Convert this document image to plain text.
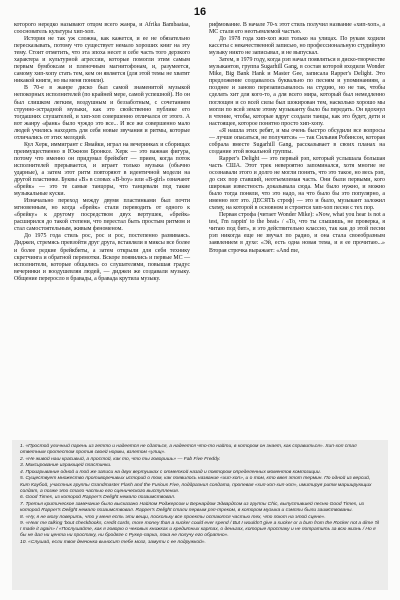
16

которого нередко называют отцом всего жанра, и Afrika Bambaataa, сооснователь культуры хип-хоп.

История не так уж сложна, как кажется, и ее не обязательно пересказывать, потому что существует немало хороших книг на эту тему. Стоит отметить, что эта эпоха несет в себе часть того дерзкого характера и культурной агрессии, которые помогли этим самым первым бумбоксам и пленочным магнитофонам, и, разумеется, самому хип-хопу стать тем, кем он является (для этой темы не хватит никакой книги, но вы меня поняли).

В 70-е в жанре диско был самой знаменитой музыкой непокорных исполнителей (по крайней мере, самой успешной). Но он был слишком легким, воздушным и беззаботным, с сочетанием струнно-эстрадной музыки, как это свойственно публике его тогдашних слушателей, и хип-хоп совершенно отличался от этого. А вот жанру «фанк» было чуждо это все... И все же совершенно мало людей учились находить для себя новые звучания и ритмы, которые отличались от этих мелодий.

Кул Херк, иммигрант с Ямайки, играл на вечеринках и сборищах преимущественно в Южном Бронксе. Херк — это важная фигура, потому что именно он придумал брейкбит — прием, когда поток исполнителей прерывается, и играет только музыка (обычно ударные), а затем этот ритм повторяют в идентичной модели на другой пластинке. Буквы «В» в словах «В-boy» или «В-girl» означают «брейк» — это те самые танцоры, что танцевали под такие музыкальные куски.

Изначально переход между двумя пластинками был почти мгновенным, но когда «брейк» стали переводить от одного к «брейку» к другому посредством двух вертушек, «брейк» расширился до такой степени, что перестал быть простым ритмом и стал самостоятельным, живым феноменом.

До 1975 года стиль рос, рос и рос, постепенно развиваясь. Диджеи, стремясь превзойти друг друга, вставляли в миксы все более и более редкие брейкбиты, а затем открыли для себя технику скретчинга и обратной перемотки. Вскоре появились и первые МС — исполнители, которые общались со слушателями, повышая градус вечеринки и воодушевляя людей, — диджеи же создавали музыку. Общение переросло в бравады, а бравада крутила музыку.

рифмование. В начале 70-х этот стиль получил название «хип-хоп», а МС стали его неотъемлемой частью.

До 1978 года хип-хоп жил только на улицах. По рукам ходили кассеты с некачественной записью, но профессиональную студийную музыку никто не записывал, и не выпускал.

Затем, в 1979 году, когда рэп начал появляться в диско-творчестве музыкантов, группа Sugarhill Gang, в состав которой входили Wonder Mike, Big Bank Hank и Master Gee, записала Rapper's Delight. Это предложение создавалось буквально по песням и упоминаниям, а позднее и заново перезаписывалось на студию, но не так, чтобы сделать хит для кого-то, а для всего мира, который был немедленно поглощен и со всей силы был шокирован тем, насколько хорошо мы могли по всей земле этому музыканту было бы передать. Он вдохнул в чтение, чтобы, которые вдруг создали танцы, как это будет, дети и настоящее, которое понятно просто хип-хопу.

«Я нашла этих ребят, и мы очень быстро обсудили все вопросы — лучше опасаться, не получится» — так Сильвия Робинсон, которая собрала вместе Sugarhill Gang, рассказывает в своих планах на создание этой вокальной группы.

Rapper's Delight — это первый рэп, который услышала большая часть США. Этот трек невероятно запоминался, хотя многие не осознавали этого и долго не могли понять, что это такое, но весь рэп, до сих пор ставший, неотъемлемая часть. Они были первыми, кого широкая известность доказывала сюда. Мы было нужно, и можно было тогда поняли, что это надо, на что было бы это популярно, а именно вот это. ДЕСЯТЬ строф) — это и было, музыкант заложил схему, на которой в основном и строятся хип-хоп песни с тех пор.

Первая строфа (читает Wonder Mike): «Now, what you hear is not a test, I'm rappin' to the beat» / «То, что ты слышишь, не проверка, я читаю под бит», и это действительно классно, так как до этой песни рэп никогда еще не звучал по радио, и она стала своеобразным заявлением в духе: «Эй, есть одна новая тема, и я ее прочитаю...» Вторая строчка выражает: «And me,

1. «Простой уличный парень из гетто и надеется не сдаться, а надеется что-то найти, в котором он знает, как справиться». Хип-хоп стал ответным протестом против своей нормы, взлетом «улиц».

2. «Не живой наш красивый, а простой, как то, что ты говоришь» — Fab Five Freddy.

3. Миксирование играющей пластинки.

4. Проигрывание одной и той же записи на двух вертушках с отметкой назад и повтором определенных моментов композиции.

5. Существует множество противоречивых историй о том, как появилось название «хип-хоп», и о том, кто ввел этот термин. По одной из версий, Кит Каубой, участник группы Grandmaster Flash and the Furious Five, поддразнил солдата, пропевая «хип-хоп-хип-хоп», имитируя ритм марширующих солдат, а позже это стало частью его сценического выступления.

6. Good Times, из которой Rapper's Delight немало позаимствовал.

7. Третья критическое замечание было высказано Найлом Роджерсом и Бернардом Эдвардсом из группы Chic, выпустившей песню Good Times, из которой Rapper's Delight немало позаимствовал. Rapper's Delight стали первым рэп-треком, в котором музыка и сэмплы были заимствованы.

8. «Ну, я не могу поверить, что у меня есть эти вещи, поскольку все проекты остаются частью тех, что поют на этой сцене».

9. «Hear me talking 'bout checkbooks, credit cards, more money than a sucker could ever spend / But I wouldn't give a sucker or a bum from the Rocker not a dime 'til I made it again» / «Послушайте, как я говорю о чековых книжках и кредитных картах, о деньгах, которые простаку и не потратить за всю жизнь / Но я бы не дал ни цента ни простаку, ни бродяге с Рукер-парка, пока не получу его обратно».

10. «Слушай, если твоя девчонка выносит тебе мозг, замути с ее подружкой».
